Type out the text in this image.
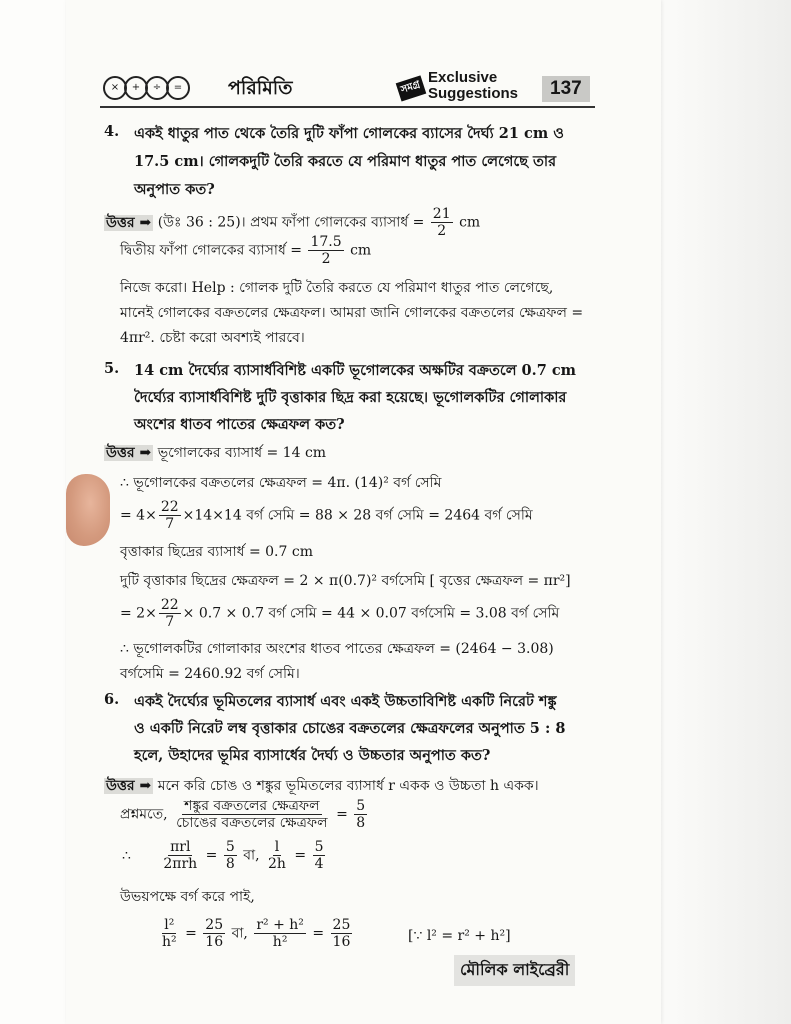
×	+	÷	=	পরিমিতি	সমগ্র
Exclusive
Suggestions	137
4. একই ধাতুর পাত থেকে তৈরি দুটি ফাঁপা গোলকের ব্যাসের দৈর্ঘ্য 21 cm ও
17.5 cm। গোলকদুটি তৈরি করতে যে পরিমাণ ধাতুর পাত লেগেছে তার
অনুপাত কত?
উত্তর ➡ (উঃ 36 : 25)। প্রথম ফাঁপা গোলকের ব্যাসার্ধ = $\frac{21}{2}$ cm
দ্বিতীয় ফাঁপা গোলকের ব্যাসার্ধ = $\frac{17.5}{2}$ cm
নিজে করো। Help : গোলক দুটি তৈরি করতে যে পরিমাণ ধাতুর পাত লেগেছে,
মানেই গোলকের বক্রতলের ক্ষেত্রফল। আমরা জানি গোলকের বক্রতলের ক্ষেত্রফল =
4πr². চেষ্টা করো অবশ্যই পারবে।
5. 14 cm দৈর্ঘ্যের ব্যাসার্ধবিশিষ্ট একটি ভূগোলকের অক্ষটির বক্রতলে 0.7 cm
দৈর্ঘ্যের ব্যাসার্ধবিশিষ্ট দুটি বৃত্তাকার ছিদ্র করা হয়েছে। ভূগোলকটির গোলাকার
অংশের ধাতব পাতের ক্ষেত্রফল কত?
উত্তর ➡ ভূগোলকের ব্যাসার্ধ = 14 cm
∴ ভূগোলকের বক্রতলের ক্ষেত্রফল = 4π. (14)² বর্গ সেমি
= $4\times \frac{22}{7} \times 14\times 14$ বর্গ সেমি = 88 × 28 বর্গ সেমি = 2464 বর্গ সেমি
বৃত্তাকার ছিদ্রের ব্যাসার্ধ = 0.7 cm
দুটি বৃত্তাকার ছিদ্রের ক্ষেত্রফল = 2 × π(0.7)² বর্গসেমি [ বৃত্তের ক্ষেত্রফল = πr²]
= $2\times \frac{22}{7} \times 0.7 \times 0.7$ বর্গ সেমি = 44 × 0.07 বর্গসেমি = 3.08 বর্গ সেমি
∴ ভূগোলকটির গোলাকার অংশের ধাতব পাতের ক্ষেত্রফল = (2464 − 3.08)
বর্গসেমি = 2460.92 বর্গ সেমি।
6. একই দৈর্ঘ্যের ভূমিতলের ব্যাসার্ধ এবং একই উচ্চতাবিশিষ্ট একটি নিরেট শঙ্কু
ও একটি নিরেট লম্ব বৃত্তাকার চোঙের বক্রতলের ক্ষেত্রফলের অনুপাত 5 : 8
হলে, উহাদের ভূমির ব্যাসার্ধের দৈর্ঘ্য ও উচ্চতার অনুপাত কত?
উত্তর ➡ মনে করি চোঙ ও শঙ্কুর ভূমিতলের ব্যাসার্ধ r একক ও উচ্চতা h একক।
প্রশ্নমতে, $\frac{\text{শঙ্কুর বক্রতলের ক্ষেত্রফল}}{\text{চোঙের বক্রতলের ক্ষেত্রফল}} = \frac{5}{8}$
∴ $\frac{\text{πrl}}{\text{2πrh}} = \frac{5}{8}$ বা, $\frac{l}{2h} = \frac{5}{4}$
উভয়পক্ষে বর্গ করে পাই,
$\frac{\text{l²}}{\text{h²}} = \frac{25}{16}$ বা, $\frac{\text{r² + h²}}{\text{h²}} = \frac{25}{16}$	[∵ l² = r² + h²]
মৌলিক লাইব্রেরী
